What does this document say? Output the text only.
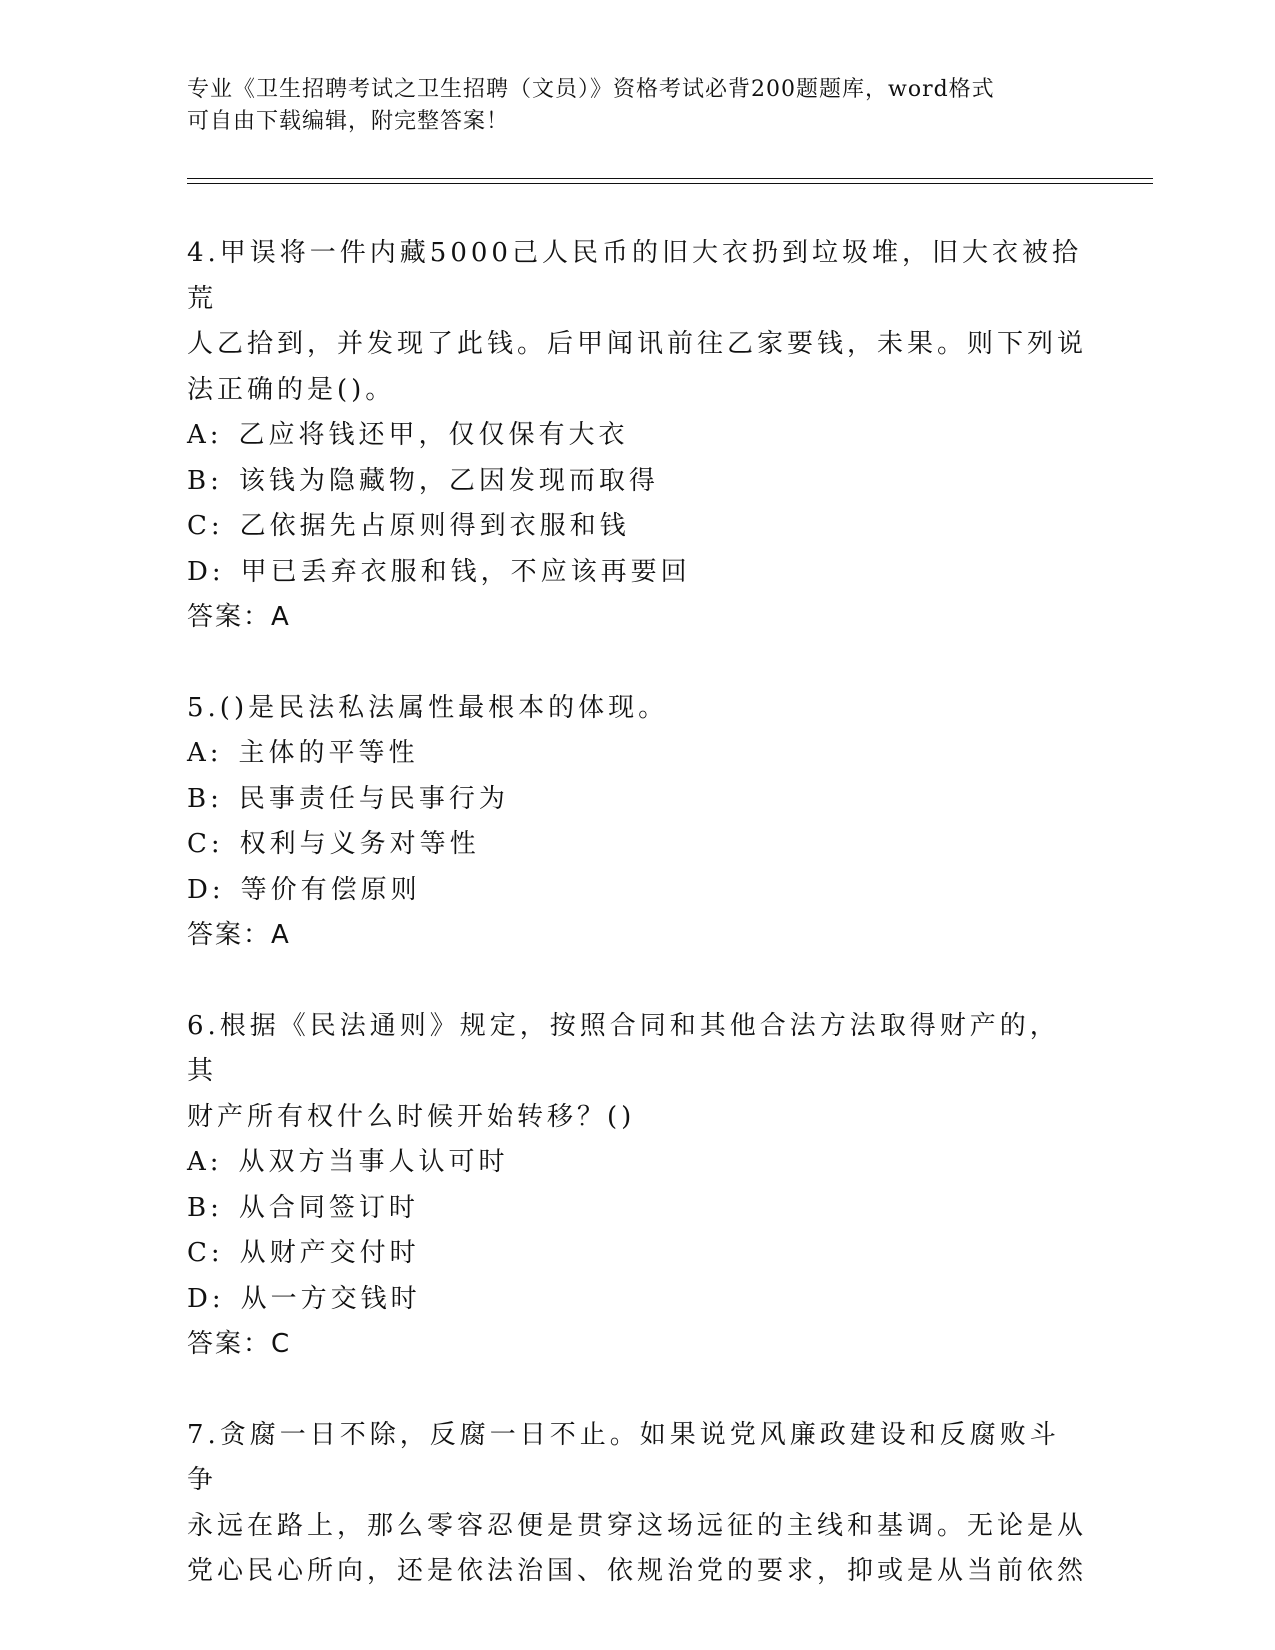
专业《卫生招聘考试之卫生招聘（文员）》资格考试必背200题题库，word格式
可自由下载编辑，附完整答案！
4.甲误将一件内藏5000己人民币的旧大衣扔到垃圾堆，旧大衣被拾荒
人乙拾到，并发现了此钱。后甲闻讯前往乙家要钱，未果。则下列说
法正确的是()。
A: 乙应将钱还甲，仅仅保有大衣
B: 该钱为隐藏物，乙因发现而取得
C: 乙依据先占原则得到衣服和钱
D: 甲已丢弃衣服和钱，不应该再要回
答案：A
5.()是民法私法属性最根本的体现。
A: 主体的平等性
B: 民事责任与民事行为
C: 权利与义务对等性
D: 等价有偿原则
答案：A
6.根据《民法通则》规定，按照合同和其他合法方法取得财产的，其
财产所有权什么时候开始转移？()
A: 从双方当事人认可时
B: 从合同签订时
C: 从财产交付时
D: 从一方交钱时
答案：C
7.贪腐一日不除，反腐一日不止。如果说党风廉政建设和反腐败斗争
永远在路上，那么零容忍便是贯穿这场远征的主线和基调。无论是从
党心民心所向，还是依法治国、依规治党的要求，抑或是从当前依然
